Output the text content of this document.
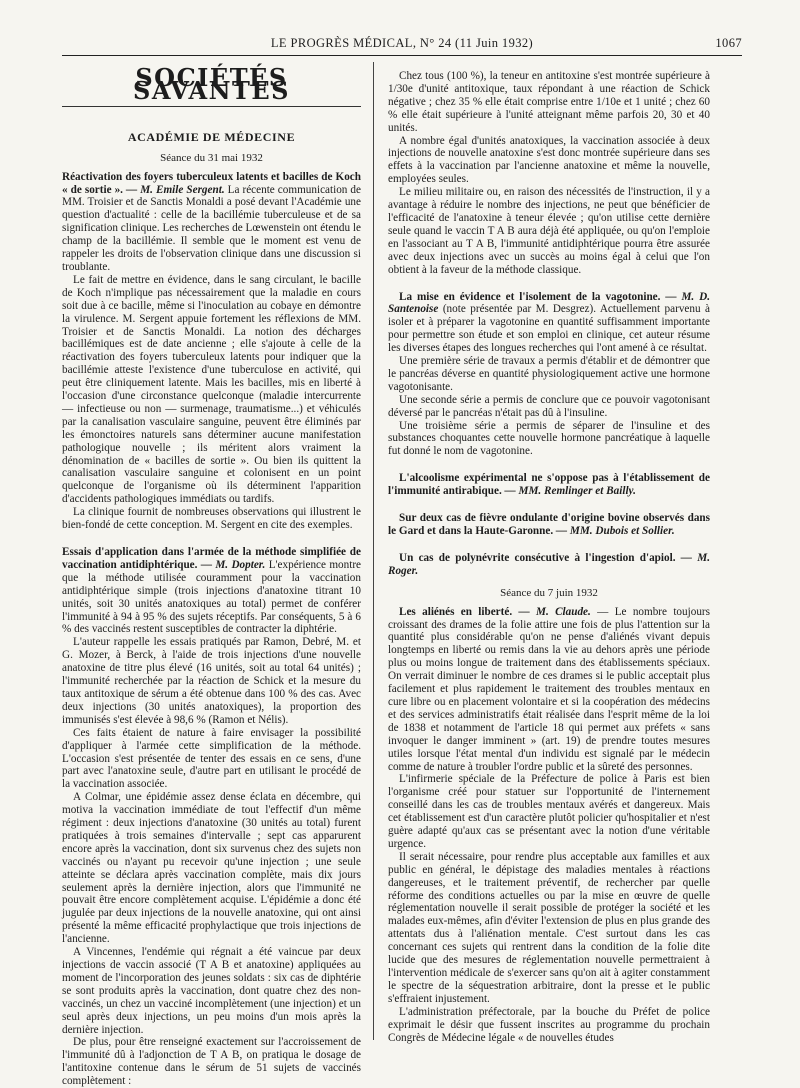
LE PROGRÈS MÉDICAL, N° 24 (11 Juin 1932)	1067
SOCIÉTÉS SAVANTES
ACADÉMIE DE MÉDECINE
Séance du 31 mai 1932

Réactivation des foyers tuberculeux latents et bacilles de Koch « de sortie ». — M. Emile Sergent. La récente communication de MM. Troisier et de Sanctis Monaldi a posé devant l'Académie une question d'actualité : celle de la bacillémie tuberculeuse et de sa signification clinique. Les recherches de Lœwenstein ont étendu le champ de la bacillémie. Il semble que le moment est venu de rappeler les droits de l'observation clinique dans une discussion si troublante.

Le fait de mettre en évidence, dans le sang circulant, le bacille de Koch n'implique pas nécessairement que la maladie en cours soit due à ce bacille, même si l'inoculation au cobaye en démontre la virulence. M. Sergent appuie fortement les réflexions de MM. Troisier et de Sanctis Monaldi. La notion des décharges bacillémiques est de date ancienne ; elle s'ajoute à celle de la réactivation des foyers tuberculeux latents pour indiquer que la bacillémie atteste l'existence d'une tuberculose en activité, qui peut être cliniquement latente. Mais les bacilles, mis en liberté à l'occasion d'une circonstance quelconque (maladie intercurrente — infectieuse ou non — surmenage, traumatisme...) et véhiculés par la canalisation vasculaire sanguine, peuvent être éliminés par les émonctoires naturels sans déterminer aucune manifestation pathologique nouvelle ; ils méritent alors vraiment la dénomination de « bacilles de sortie ». Ou bien ils quittent la canalisation vasculaire sanguine et colonisent en un point quelconque de l'organisme où ils déterminent l'apparition d'accidents pathologiques immédiats ou tardifs.

La clinique fournit de nombreuses observations qui illustrent le bien-fondé de cette conception. M. Sergent en cite des exemples.

Essais d'application dans l'armée de la méthode simplifiée de vaccination antidiphtérique. — M. Dopter. L'expérience montre que la méthode utilisée couramment pour la vaccination antidiphtérique simple (trois injections d'anatoxine titrant 10 unités, soit 30 unités anatoxiques au total) permet de conférer l'immunité à 94 à 95 % des sujets réceptifs. Par conséquents, 5 à 6 % des vaccinés restent susceptibles de contracter la diphtérie.

L'auteur rappelle les essais pratiqués par Ramon, Debré, M. et G. Mozer, à Berck, à l'aide de trois injections d'une nouvelle anatoxine de titre plus élevé (16 unités, soit au total 64 unités) ; l'immunité recherchée par la réaction de Schick et la mesure du taux antitoxique de sérum a été obtenue dans 100 % des cas. Avec deux injections (30 unités anatoxiques), la proportion des immunisés s'est élevée à 98,6 % (Ramon et Nélis).

Ces faits étaient de nature à faire envisager la possibilité d'appliquer à l'armée cette simplification de la méthode. L'occasion s'est présentée de tenter des essais en ce sens, d'une part avec l'anatoxine seule, d'autre part en utilisant le procédé de la vaccination associée.

A Colmar, une épidémie assez dense éclata en décembre, qui motiva la vaccination immédiate de tout l'effectif d'un même régiment : deux injections d'anatoxine (30 unités au total) furent pratiquées à trois semaines d'intervalle ; sept cas apparurent encore après la vaccination, dont six survenus chez des sujets non vaccinés ou n'ayant pu recevoir qu'une injection ; une seule atteinte se déclara après vaccination complète, mais dix jours seulement après la dernière injection, alors que l'immunité ne pouvait être encore complètement acquise. L'épidémie a donc été jugulée par deux injections de la nouvelle anatoxine, qui ont ainsi présenté la même efficacité prophylactique que trois injections de l'ancienne.

A Vincennes, l'endémie qui régnait a été vaincue par deux injections de vaccin associé (T A B et anatoxine) appliquées au moment de l'incorporation des jeunes soldats : six cas de diphtérie se sont produits après la vaccination, dont quatre chez des non-vaccinés, un chez un vacciné incomplètement (une injection) et un seul après deux injections, un peu moins d'un mois après la dernière injection.

De plus, pour être renseigné exactement sur l'accroissement de l'immunité dû à l'adjonction de T A B, on pratiqua le dosage de l'antitoxine contenue dans le sérum de 51 sujets de vaccinés complètement :

Chez tous (100 %), la teneur en antitoxine s'est montrée supérieure à 1/30e d'unité antitoxique, taux répondant à une réaction de Schick négative ; chez 35 % elle était comprise entre 1/10e et 1 unité ; chez 60 % elle était supérieure à l'unité atteignant même parfois 20, 30 et 40 unités.

A nombre égal d'unités anatoxiques, la vaccination associée à deux injections de nouvelle anatoxine s'est donc montrée supérieure dans ses effets à la vaccination par l'ancienne anatoxine et même la nouvelle, employées seules.

Le milieu militaire ou, en raison des nécessités de l'instruction, il y a avantage à réduire le nombre des injections, ne peut que bénéficier de l'efficacité de l'anatoxine à teneur élevée ; qu'on utilise cette dernière seule quand le vaccin T A B aura déjà été appliquée, ou qu'on l'emploie en l'associant au T A B, l'immunité antidiphtérique pourra être assurée avec deux injections avec un succès au moins égal à celui que l'on obtient à la faveur de la méthode classique.

La mise en évidence et l'isolement de la vagotonine. — M. D. Santenoise (note présentée par M. Desgrez). Actuellement parvenu à isoler et à préparer la vagotonine en quantité suffisamment importante pour permettre son étude et son emploi en clinique, cet auteur résume les diverses étapes des longues recherches qui l'ont amené à ce résultat.

Une première série de travaux a permis d'établir et de démontrer que le pancréas déverse en quantité physiologiquement active une hormone vagotonisante.

Une seconde série a permis de conclure que ce pouvoir vagotonisant déversé par le pancréas n'était pas dû à l'insuline.

Une troisième série a permis de séparer de l'insuline et des substances choquantes cette nouvelle hormone pancréatique à laquelle fut donné le nom de vagotonine.

L'alcoolisme expérimental ne s'oppose pas à l'établissement de l'immunité antirabique. — MM. Remlinger et Bailly.

Sur deux cas de fièvre ondulante d'origine bovine observés dans le Gard et dans la Haute-Garonne. — MM. Dubois et Sollier.

Un cas de polynévrite consécutive à l'ingestion d'apiol. — M. Roger.

Séance du 7 juin 1932

Les aliénés en liberté. — M. Claude. — Le nombre toujours croissant des drames de la folie attire une fois de plus l'attention sur la quantité plus considérable qu'on ne pense d'aliénés vivant depuis longtemps en liberté ou remis dans la vie au dehors après une période plus ou moins longue de traitement dans des établissements spéciaux. On verrait diminuer le nombre de ces drames si le public acceptait plus facilement et plus rapidement le traitement des troubles mentaux en cure libre ou en placement volontaire et si la coopération des médecins et des services administratifs était réalisée dans l'esprit même de la loi de 1838 et notamment de l'article 18 qui permet aux préfets « sans invoquer le danger imminent » (art. 19) de prendre toutes mesures utiles lorsque l'état mental d'un individu est signalé par le médecin comme de nature à troubler l'ordre public et la sûreté des personnes.

L'infirmerie spéciale de la Préfecture de police à Paris est bien l'organisme créé pour statuer sur l'opportunité de l'internement conseillé dans les cas de troubles mentaux avérés et dangereux. Mais cet établissement est d'un caractère plutôt policier qu'hospitalier et n'est guère adapté qu'aux cas se présentant avec la notion d'une véritable urgence.

Il serait nécessaire, pour rendre plus acceptable aux familles et aux public en général, le dépistage des maladies mentales à réactions dangereuses, et le traitement préventif, de rechercher par quelle réforme des conditions actuelles ou par la mise en œuvre de quelle réglementation nouvelle il serait possible de protéger la société et les malades eux-mêmes, afin d'éviter l'extension de plus en plus grande des attentats dus à l'aliénation mentale. C'est surtout dans les cas concernant ces sujets qui rentrent dans la condition de la folie dite lucide que des mesures de réglementation nouvelle permettraient à l'intervention médicale de s'exercer sans qu'on ait à agiter constamment le spectre de la séquestration arbitraire, dont la presse et le public s'effraient injustement.

L'administration préfectorale, par la bouche du Préfet de police exprimait le désir que fussent inscrites au programme du prochain Congrès de Médecine légale « de nouvelles études
